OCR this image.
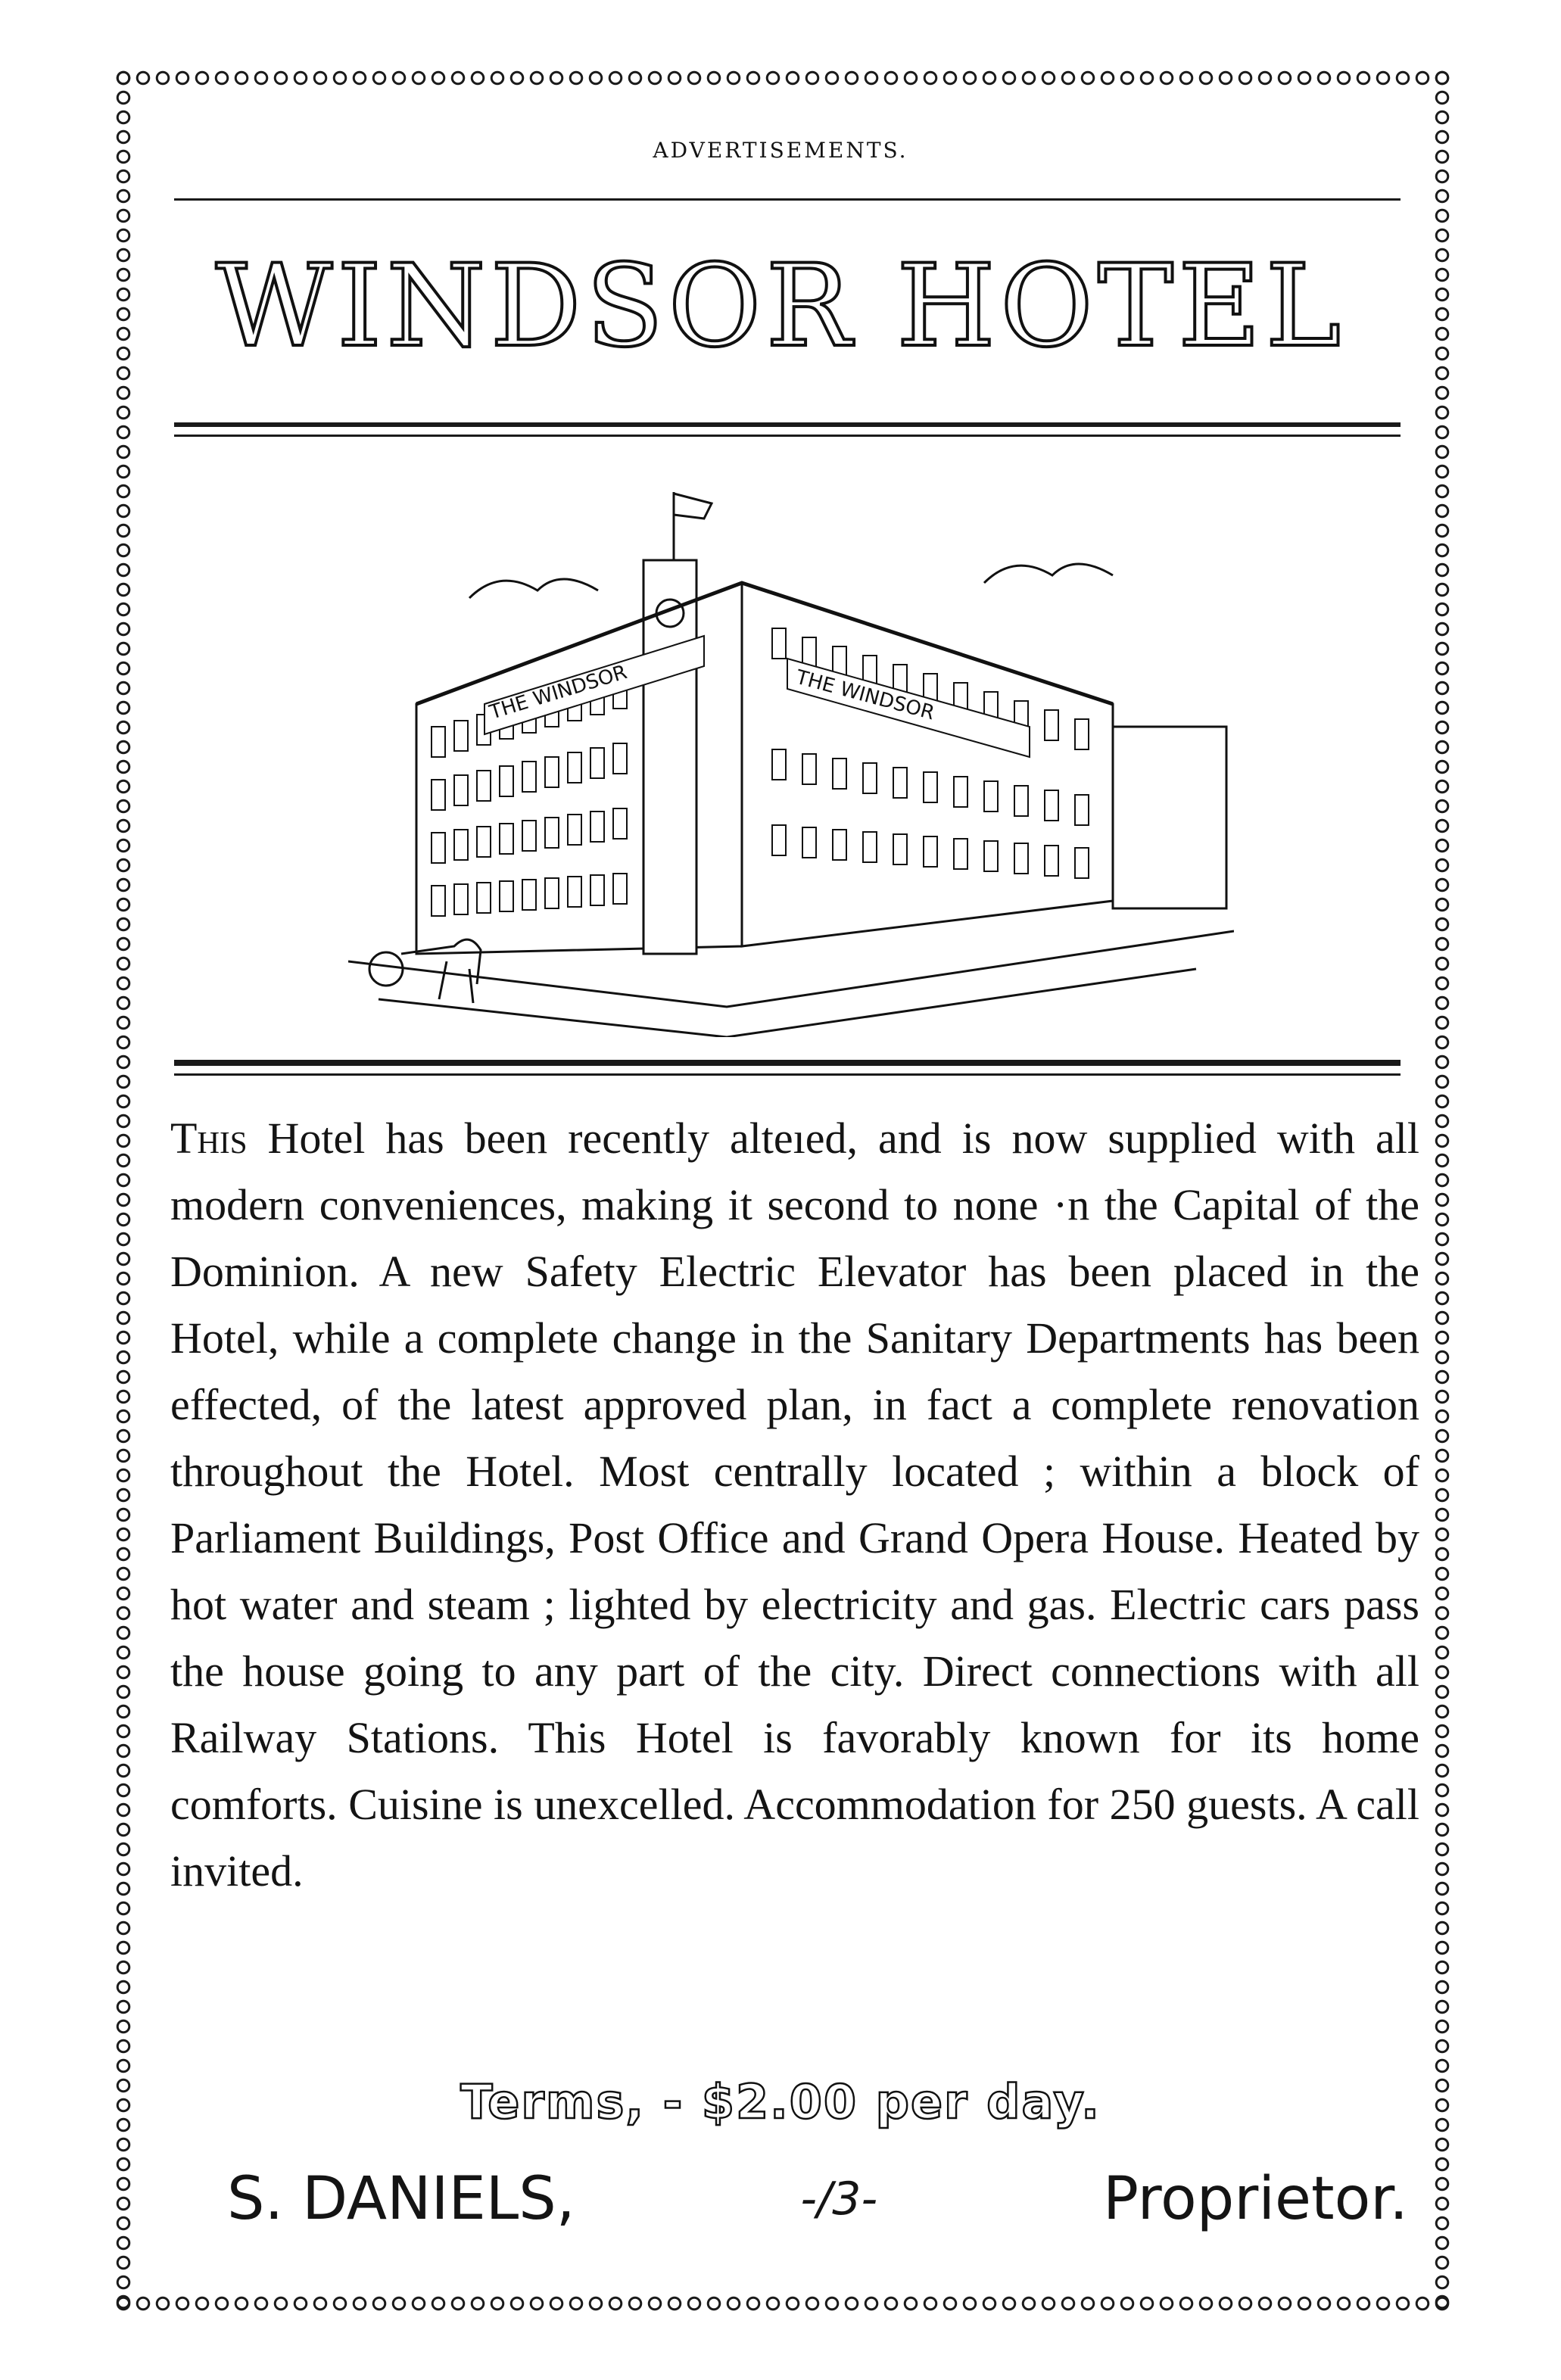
ADVERTISEMENTS.
WINDSOR HOTEL
THE WINDSOR	THE WINDSOR
This Hotel has been recently alteıed, and is now supplied with all modern conveniences, making it second to none ·n the Capital of the Dominion. A new Safety Electric Elevator has been placed in the Hotel, while a complete change in the Sanitary Departments has been effected, of the latest approved plan, in fact a complete renovation throughout the Hotel. Most centrally located ; within a block of Parliament Buildings, Post Office and Grand Opera House. Heated by hot water and steam ; lighted by electricity and gas. Electric cars pass the house going to any part of the city. Direct connections with all Railway Stations. This Hotel is favorably known for its home comforts. Cuisine is unexcelled. Accommodation for 250 guests. A call invited.
Terms, - $2.00 per day.
S. DANIELS,	-/3-	Proprietor.
